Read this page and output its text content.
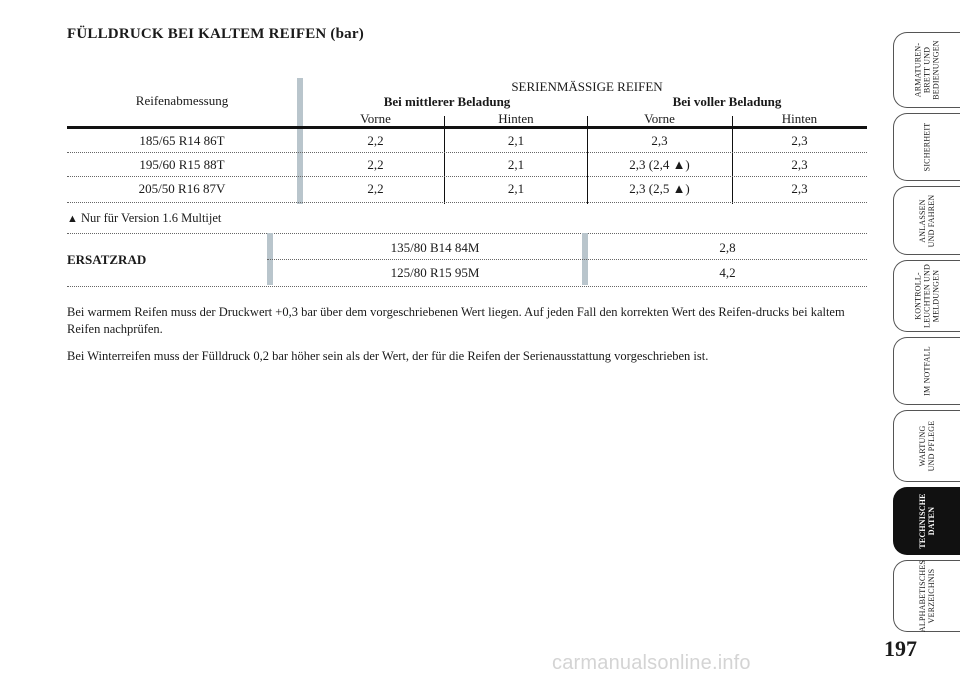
FÜLLDRUCK BEI KALTEM REIFEN (bar)
Reifenabmessung
SERIENMÄSSIGE REIFEN
Bei mittlerer Beladung	Bei voller Beladung
Vorne	Hinten	Vorne	Hinten
185/65 R14 86T	2,2	2,1	2,3	2,3
195/60 R15 88T	2,2	2,1	2,3 (2,4 ▲)	2,3
205/50 R16 87V	2,2	2,1	2,3 (2,5 ▲)	2,3
▲ Nur für Version 1.6 Multijet
ERSATZRAD
135/80 B14 84M	2,8
125/80 R15 95M	4,2
Bei warmem Reifen muss der Druckwert +0,3 bar über dem vorgeschriebenen Wert liegen. Auf jeden Fall den korrekten Wert des Reifen-drucks bei kaltem Reifen nachprüfen.
Bei Winterreifen muss der Fülldruck 0,2 bar höher sein als der Wert, der für die Reifen der Serienausstattung vorgeschrieben ist.
ARMATUREN-
BRETT UND
BEDIENUNGEN
SICHERHEIT
ANLASSEN
UND FAHREN
KONTROLL-
LEUCHTEN UND
MELDUNGEN
IM NOTFALL
WARTUNG
UND PFLEGE
TECHNISCHE
DATEN
ALPHABETISCHES
VERZEICHNIS
197
carmanualsonline.info
